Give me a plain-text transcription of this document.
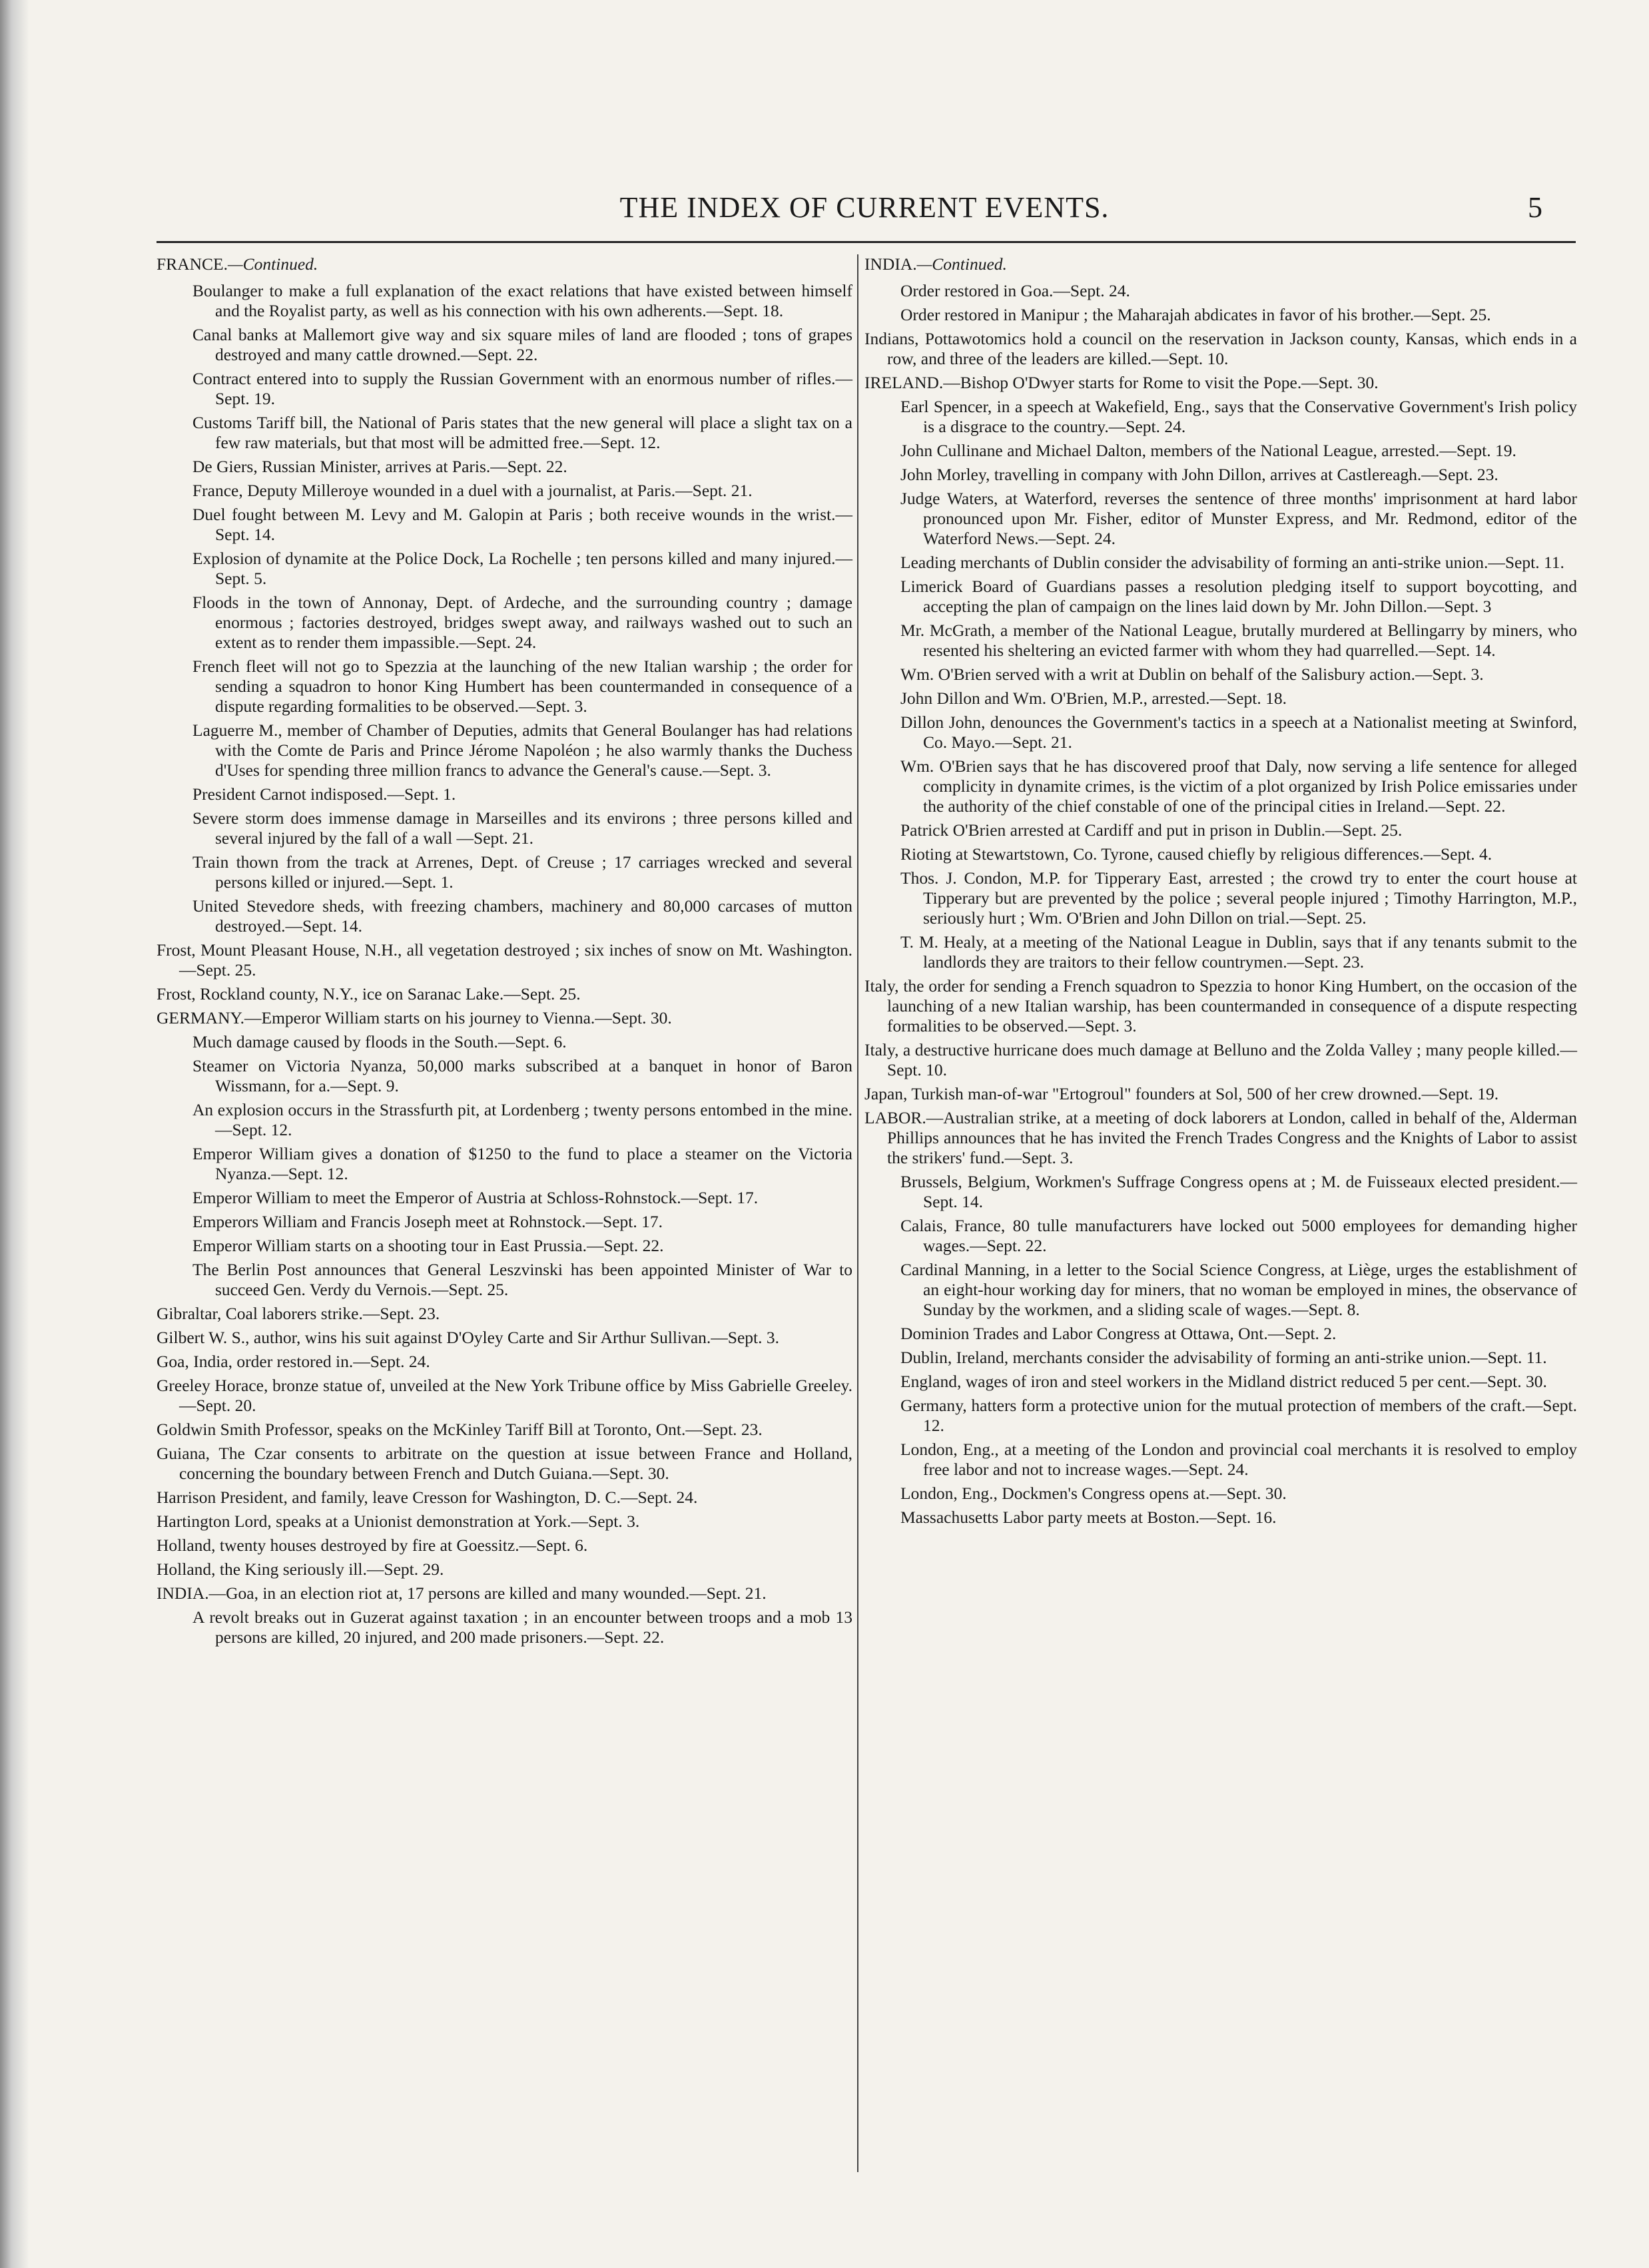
THE INDEX OF CURRENT EVENTS.	5
FRANCE.—Continued.
Boulanger to make a full explanation of the exact relations that have existed between himself and the Royalist party, as well as his connection with his own adherents.—Sept. 18.
Canal banks at Mallemort give way and six square miles of land are flooded ; tons of grapes destroyed and many cattle drowned.—Sept. 22.
Contract entered into to supply the Russian Government with an enormous number of rifles.—Sept. 19.
Customs Tariff bill, the National of Paris states that the new general will place a slight tax on a few raw materials, but that most will be admitted free.—Sept. 12.
De Giers, Russian Minister, arrives at Paris.—Sept. 22.
France, Deputy Milleroye wounded in a duel with a journalist, at Paris.—Sept. 21.
Duel fought between M. Levy and M. Galopin at Paris ; both receive wounds in the wrist.—Sept. 14.
Explosion of dynamite at the Police Dock, La Rochelle ; ten persons killed and many injured.—Sept. 5.
Floods in the town of Annonay, Dept. of Ardeche, and the surrounding country ; damage enormous ; factories destroyed, bridges swept away, and railways washed out to such an extent as to render them impassible.—Sept. 24.
French fleet will not go to Spezzia at the launching of the new Italian warship ; the order for sending a squadron to honor King Humbert has been countermanded in consequence of a dispute regarding formalities to be observed.—Sept. 3.
Laguerre M., member of Chamber of Deputies, admits that General Boulanger has had relations with the Comte de Paris and Prince Jérome Napoléon ; he also warmly thanks the Duchess d'Uses for spending three million francs to advance the General's cause.—Sept. 3.
President Carnot indisposed.—Sept. 1.
Severe storm does immense damage in Marseilles and its environs ; three persons killed and several injured by the fall of a wall —Sept. 21.
Train thown from the track at Arrenes, Dept. of Creuse ; 17 carriages wrecked and several persons killed or injured.—Sept. 1.
United Stevedore sheds, with freezing chambers, machinery and 80,000 carcases of mutton destroyed.—Sept. 14.
Frost, Mount Pleasant House, N.H., all vegetation destroyed ; six inches of snow on Mt. Washington.—Sept. 25.
Frost, Rockland county, N.Y., ice on Saranac Lake.—Sept. 25.
GERMANY.—Emperor William starts on his journey to Vienna.—Sept. 30.
Much damage caused by floods in the South.—Sept. 6.
Steamer on Victoria Nyanza, 50,000 marks subscribed at a banquet in honor of Baron Wissmann, for a.—Sept. 9.
An explosion occurs in the Strassfurth pit, at Lordenberg ; twenty persons entombed in the mine.—Sept. 12.
Emperor William gives a donation of $1250 to the fund to place a steamer on the Victoria Nyanza.—Sept. 12.
Emperor William to meet the Emperor of Austria at Schloss-Rohnstock.—Sept. 17.
Emperors William and Francis Joseph meet at Rohnstock.—Sept. 17.
Emperor William starts on a shooting tour in East Prussia.—Sept. 22.
The Berlin Post announces that General Leszvinski has been appointed Minister of War to succeed Gen. Verdy du Vernois.—Sept. 25.
Gibraltar, Coal laborers strike.—Sept. 23.
Gilbert W. S., author, wins his suit against D'Oyley Carte and Sir Arthur Sullivan.—Sept. 3.
Goa, India, order restored in.—Sept. 24.
Greeley Horace, bronze statue of, unveiled at the New York Tribune office by Miss Gabrielle Greeley.—Sept. 20.
Goldwin Smith Professor, speaks on the McKinley Tariff Bill at Toronto, Ont.—Sept. 23.
Guiana, The Czar consents to arbitrate on the question at issue between France and Holland, concerning the boundary between French and Dutch Guiana.—Sept. 30.
Harrison President, and family, leave Cresson for Washington, D. C.—Sept. 24.
Hartington Lord, speaks at a Unionist demonstration at York.—Sept. 3.
Holland, twenty houses destroyed by fire at Goessitz.—Sept. 6.
Holland, the King seriously ill.—Sept. 29.
INDIA.—Goa, in an election riot at, 17 persons are killed and many wounded.—Sept. 21.
A revolt breaks out in Guzerat against taxation ; in an encounter between troops and a mob 13 persons are killed, 20 injured, and 200 made prisoners.—Sept. 22.
INDIA.—Continued.
Order restored in Goa.—Sept. 24.
Order restored in Manipur ; the Maharajah abdicates in favor of his brother.—Sept. 25.
Indians, Pottawotomics hold a council on the reservation in Jackson county, Kansas, which ends in a row, and three of the leaders are killed.—Sept. 10.
IRELAND.—Bishop O'Dwyer starts for Rome to visit the Pope.—Sept. 30.
Earl Spencer, in a speech at Wakefield, Eng., says that the Conservative Government's Irish policy is a disgrace to the country.—Sept. 24.
John Cullinane and Michael Dalton, members of the National League, arrested.—Sept. 19.
John Morley, travelling in company with John Dillon, arrives at Castlereagh.—Sept. 23.
Judge Waters, at Waterford, reverses the sentence of three months' imprisonment at hard labor pronounced upon Mr. Fisher, editor of Munster Express, and Mr. Redmond, editor of the Waterford News.—Sept. 24.
Leading merchants of Dublin consider the advisability of forming an anti-strike union.—Sept. 11.
Limerick Board of Guardians passes a resolution pledging itself to support boycotting, and accepting the plan of campaign on the lines laid down by Mr. John Dillon.—Sept. 3
Mr. McGrath, a member of the National League, brutally murdered at Bellingarry by miners, who resented his sheltering an evicted farmer with whom they had quarrelled.—Sept. 14.
Wm. O'Brien served with a writ at Dublin on behalf of the Salisbury action.—Sept. 3.
John Dillon and Wm. O'Brien, M.P., arrested.—Sept. 18.
Dillon John, denounces the Government's tactics in a speech at a Nationalist meeting at Swinford, Co. Mayo.—Sept. 21.
Wm. O'Brien says that he has discovered proof that Daly, now serving a life sentence for alleged complicity in dynamite crimes, is the victim of a plot organized by Irish Police emissaries under the authority of the chief constable of one of the principal cities in Ireland.—Sept. 22.
Patrick O'Brien arrested at Cardiff and put in prison in Dublin.—Sept. 25.
Rioting at Stewartstown, Co. Tyrone, caused chiefly by religious differences.—Sept. 4.
Thos. J. Condon, M.P. for Tipperary East, arrested ; the crowd try to enter the court house at Tipperary but are prevented by the police ; several people injured ; Timothy Harrington, M.P., seriously hurt ; Wm. O'Brien and John Dillon on trial.—Sept. 25.
T. M. Healy, at a meeting of the National League in Dublin, says that if any tenants submit to the landlords they are traitors to their fellow countrymen.—Sept. 23.
Italy, the order for sending a French squadron to Spezzia to honor King Humbert, on the occasion of the launching of a new Italian warship, has been countermanded in consequence of a dispute respecting formalities to be observed.—Sept. 3.
Italy, a destructive hurricane does much damage at Belluno and the Zolda Valley ; many people killed.—Sept. 10.
Japan, Turkish man-of-war "Ertogroul" founders at Sol, 500 of her crew drowned.—Sept. 19.
LABOR.—Australian strike, at a meeting of dock laborers at London, called in behalf of the, Alderman Phillips announces that he has invited the French Trades Congress and the Knights of Labor to assist the strikers' fund.—Sept. 3.
Brussels, Belgium, Workmen's Suffrage Congress opens at ; M. de Fuisseaux elected president.—Sept. 14.
Calais, France, 80 tulle manufacturers have locked out 5000 employees for demanding higher wages.—Sept. 22.
Cardinal Manning, in a letter to the Social Science Congress, at Liège, urges the establishment of an eight-hour working day for miners, that no woman be employed in mines, the observance of Sunday by the workmen, and a sliding scale of wages.—Sept. 8.
Dominion Trades and Labor Congress at Ottawa, Ont.—Sept. 2.
Dublin, Ireland, merchants consider the advisability of forming an anti-strike union.—Sept. 11.
England, wages of iron and steel workers in the Midland district reduced 5 per cent.—Sept. 30.
Germany, hatters form a protective union for the mutual protection of members of the craft.—Sept. 12.
London, Eng., at a meeting of the London and provincial coal merchants it is resolved to employ free labor and not to increase wages.—Sept. 24.
London, Eng., Dockmen's Congress opens at.—Sept. 30.
Massachusetts Labor party meets at Boston.—Sept. 16.
